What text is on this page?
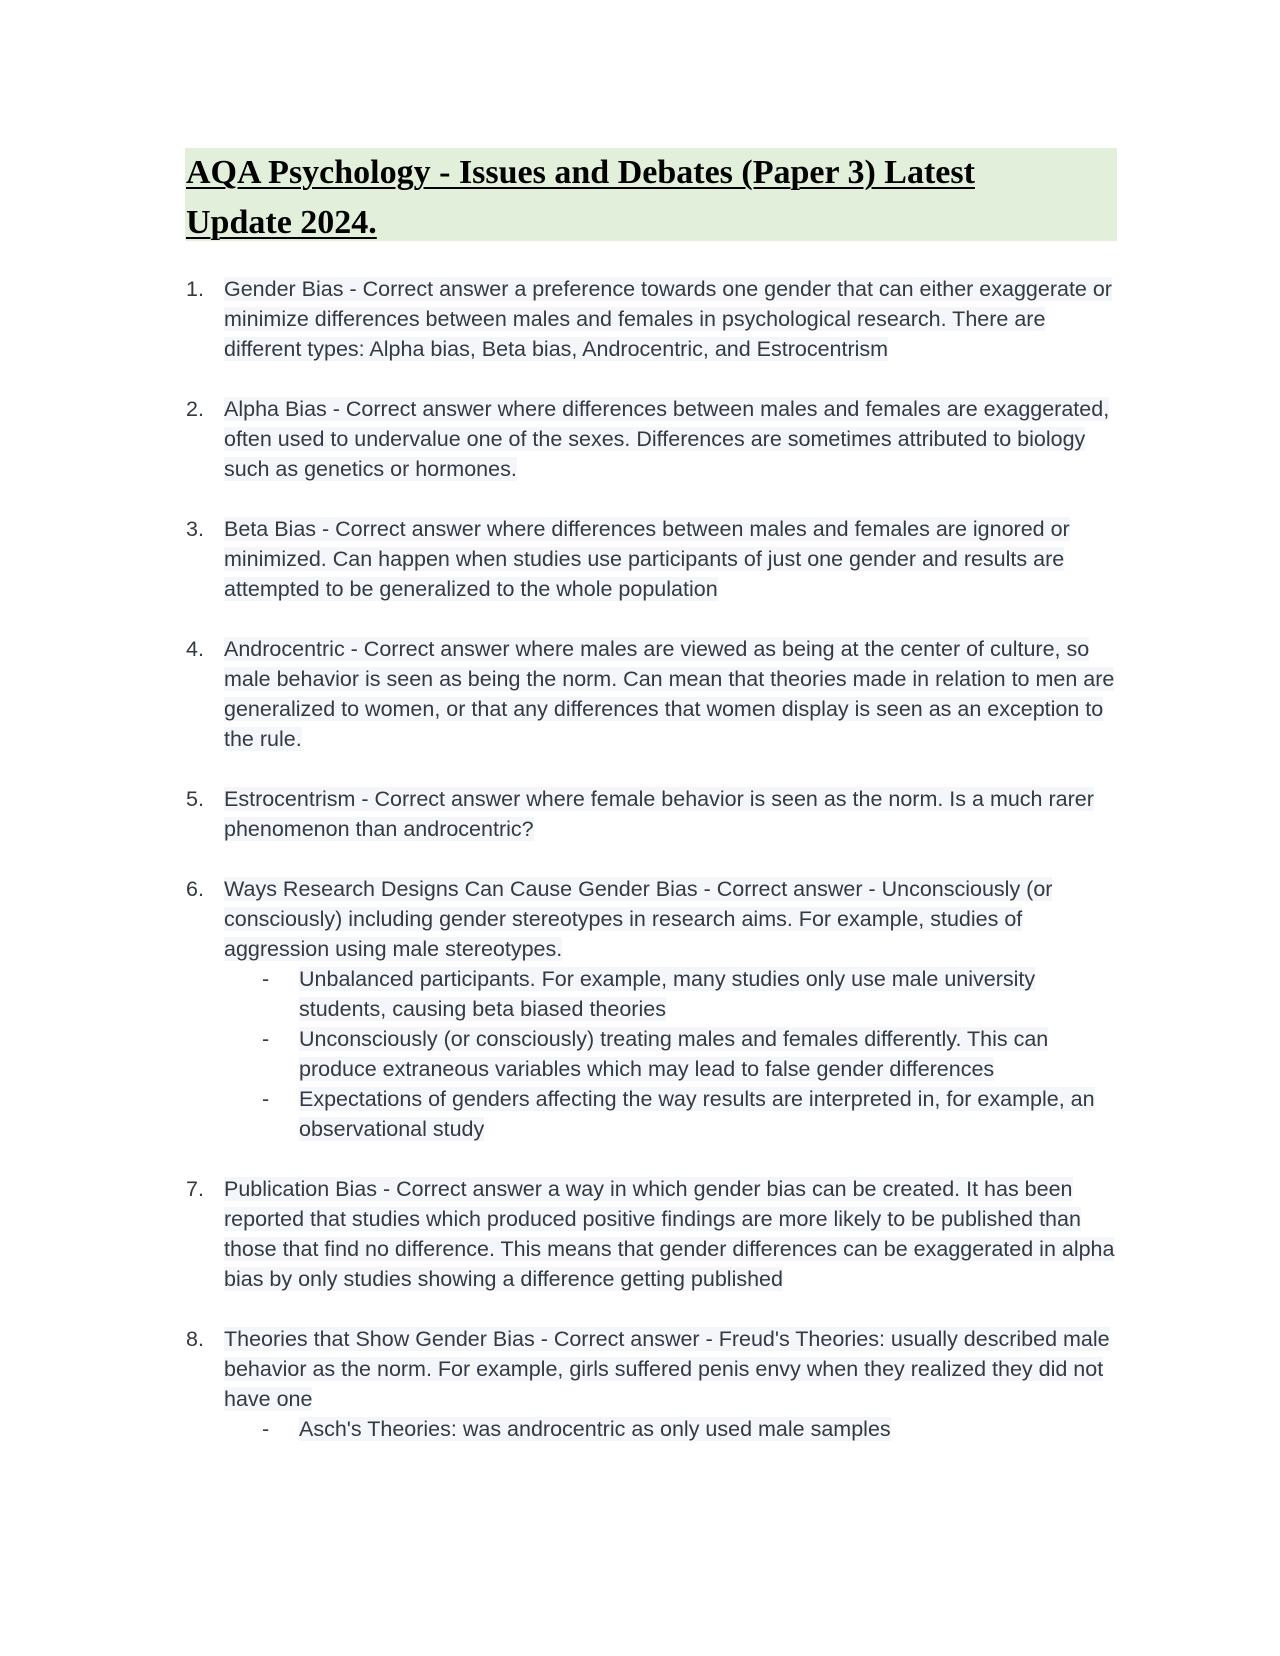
AQA Psychology - Issues and Debates (Paper 3) Latest Update 2024.
1. Gender Bias - Correct answer a preference towards one gender that can either exaggerate or minimize differences between males and females in psychological research. There are different types: Alpha bias, Beta bias, Androcentric, and Estrocentrism
2. Alpha Bias - Correct answer where differences between males and females are exaggerated, often used to undervalue one of the sexes. Differences are sometimes attributed to biology such as genetics or hormones.
3. Beta Bias - Correct answer where differences between males and females are ignored or minimized. Can happen when studies use participants of just one gender and results are attempted to be generalized to the whole population
4. Androcentric - Correct answer where males are viewed as being at the center of culture, so male behavior is seen as being the norm. Can mean that theories made in relation to men are generalized to women, or that any differences that women display is seen as an exception to the rule.
5. Estrocentrism - Correct answer where female behavior is seen as the norm. Is a much rarer phenomenon than androcentric?
6. Ways Research Designs Can Cause Gender Bias - Correct answer - Unconsciously (or consciously) including gender stereotypes in research aims. For example, studies of aggression using male stereotypes.
- Unbalanced participants. For example, many studies only use male university students, causing beta biased theories
- Unconsciously (or consciously) treating males and females differently. This can produce extraneous variables which may lead to false gender differences
- Expectations of genders affecting the way results are interpreted in, for example, an observational study
7. Publication Bias - Correct answer a way in which gender bias can be created. It has been reported that studies which produced positive findings are more likely to be published than those that find no difference. This means that gender differences can be exaggerated in alpha bias by only studies showing a difference getting published
8. Theories that Show Gender Bias - Correct answer - Freud's Theories: usually described male behavior as the norm. For example, girls suffered penis envy when they realized they did not have one
- Asch's Theories: was androcentric as only used male samples
